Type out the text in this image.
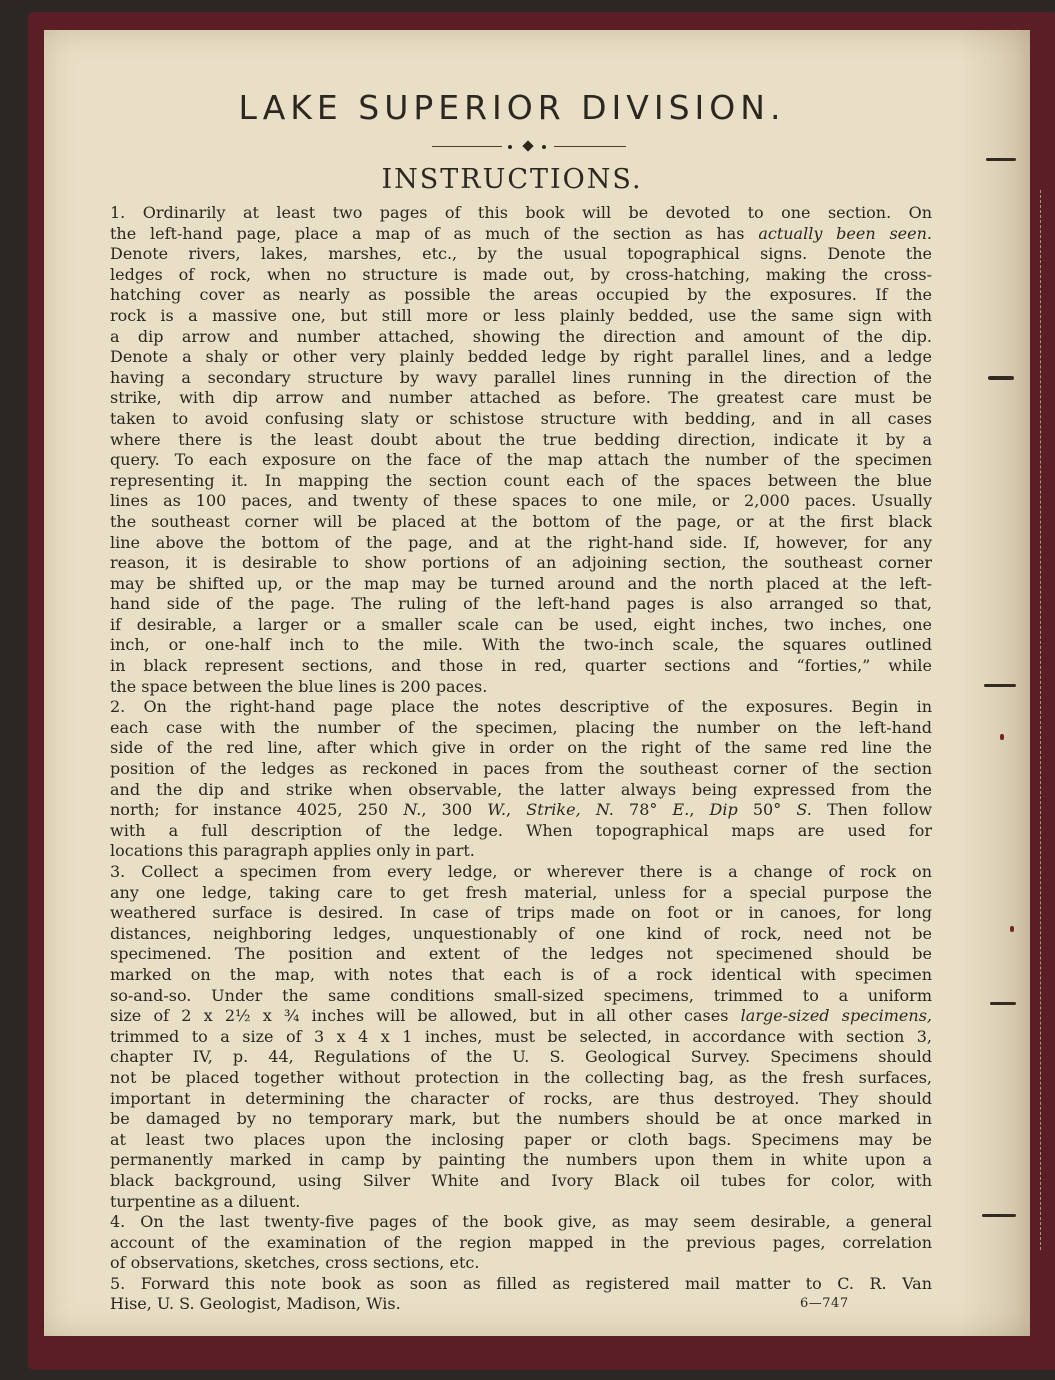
LAKE SUPERIOR DIVISION.
INSTRUCTIONS.
1. Ordinarily at least two pages of this book will be devoted to one section. On
the left-hand page, place a map of as much of the section as has actually been seen.
Denote rivers, lakes, marshes, etc., by the usual topographical signs. Denote the
ledges of rock, when no structure is made out, by cross-hatching, making the cross-
hatching cover as nearly as possible the areas occupied by the exposures. If the
rock is a massive one, but still more or less plainly bedded, use the same sign with
a dip arrow and number attached, showing the direction and amount of the dip.
Denote a shaly or other very plainly bedded ledge by right parallel lines, and a ledge
having a secondary structure by wavy parallel lines running in the direction of the
strike, with dip arrow and number attached as before. The greatest care must be
taken to avoid confusing slaty or schistose structure with bedding, and in all cases
where there is the least doubt about the true bedding direction, indicate it by a
query. To each exposure on the face of the map attach the number of the specimen
representing it. In mapping the section count each of the spaces between the blue
lines as 100 paces, and twenty of these spaces to one mile, or 2,000 paces. Usually
the southeast corner will be placed at the bottom of the page, or at the first black
line above the bottom of the page, and at the right-hand side. If, however, for any
reason, it is desirable to show portions of an adjoining section, the southeast corner
may be shifted up, or the map may be turned around and the north placed at the left-
hand side of the page. The ruling of the left-hand pages is also arranged so that,
if desirable, a larger or a smaller scale can be used, eight inches, two inches, one
inch, or one-half inch to the mile. With the two-inch scale, the squares outlined
in black represent sections, and those in red, quarter sections and “forties,” while
the space between the blue lines is 200 paces.
2. On the right-hand page place the notes descriptive of the exposures. Begin in
each case with the number of the specimen, placing the number on the left-hand
side of the red line, after which give in order on the right of the same red line the
position of the ledges as reckoned in paces from the southeast corner of the section
and the dip and strike when observable, the latter always being expressed from the
north; for instance 4025, 250 N., 300 W., Strike, N. 78° E., Dip 50° S. Then follow
with a full description of the ledge. When topographical maps are used for
locations this paragraph applies only in part.
3. Collect a specimen from every ledge, or wherever there is a change of rock on
any one ledge, taking care to get fresh material, unless for a special purpose the
weathered surface is desired. In case of trips made on foot or in canoes, for long
distances, neighboring ledges, unquestionably of one kind of rock, need not be
specimened. The position and extent of the ledges not specimened should be
marked on the map, with notes that each is of a rock identical with specimen
so-and-so. Under the same conditions small-sized specimens, trimmed to a uniform
size of 2 x 2½ x ¾ inches will be allowed, but in all other cases large-sized specimens,
trimmed to a size of 3 x 4 x 1 inches, must be selected, in accordance with section 3,
chapter IV, p. 44, Regulations of the U. S. Geological Survey. Specimens should
not be placed together without protection in the collecting bag, as the fresh surfaces,
important in determining the character of rocks, are thus destroyed. They should
be damaged by no temporary mark, but the numbers should be at once marked in
at least two places upon the inclosing paper or cloth bags. Specimens may be
permanently marked in camp by painting the numbers upon them in white upon a
black background, using Silver White and Ivory Black oil tubes for color, with
turpentine as a diluent.
4. On the last twenty-five pages of the book give, as may seem desirable, a general
account of the examination of the region mapped in the previous pages, correlation
of observations, sketches, cross sections, etc.
5. Forward this note book as soon as filled as registered mail matter to C. R. Van
Hise, U. S. Geologist, Madison, Wis.	6—747
